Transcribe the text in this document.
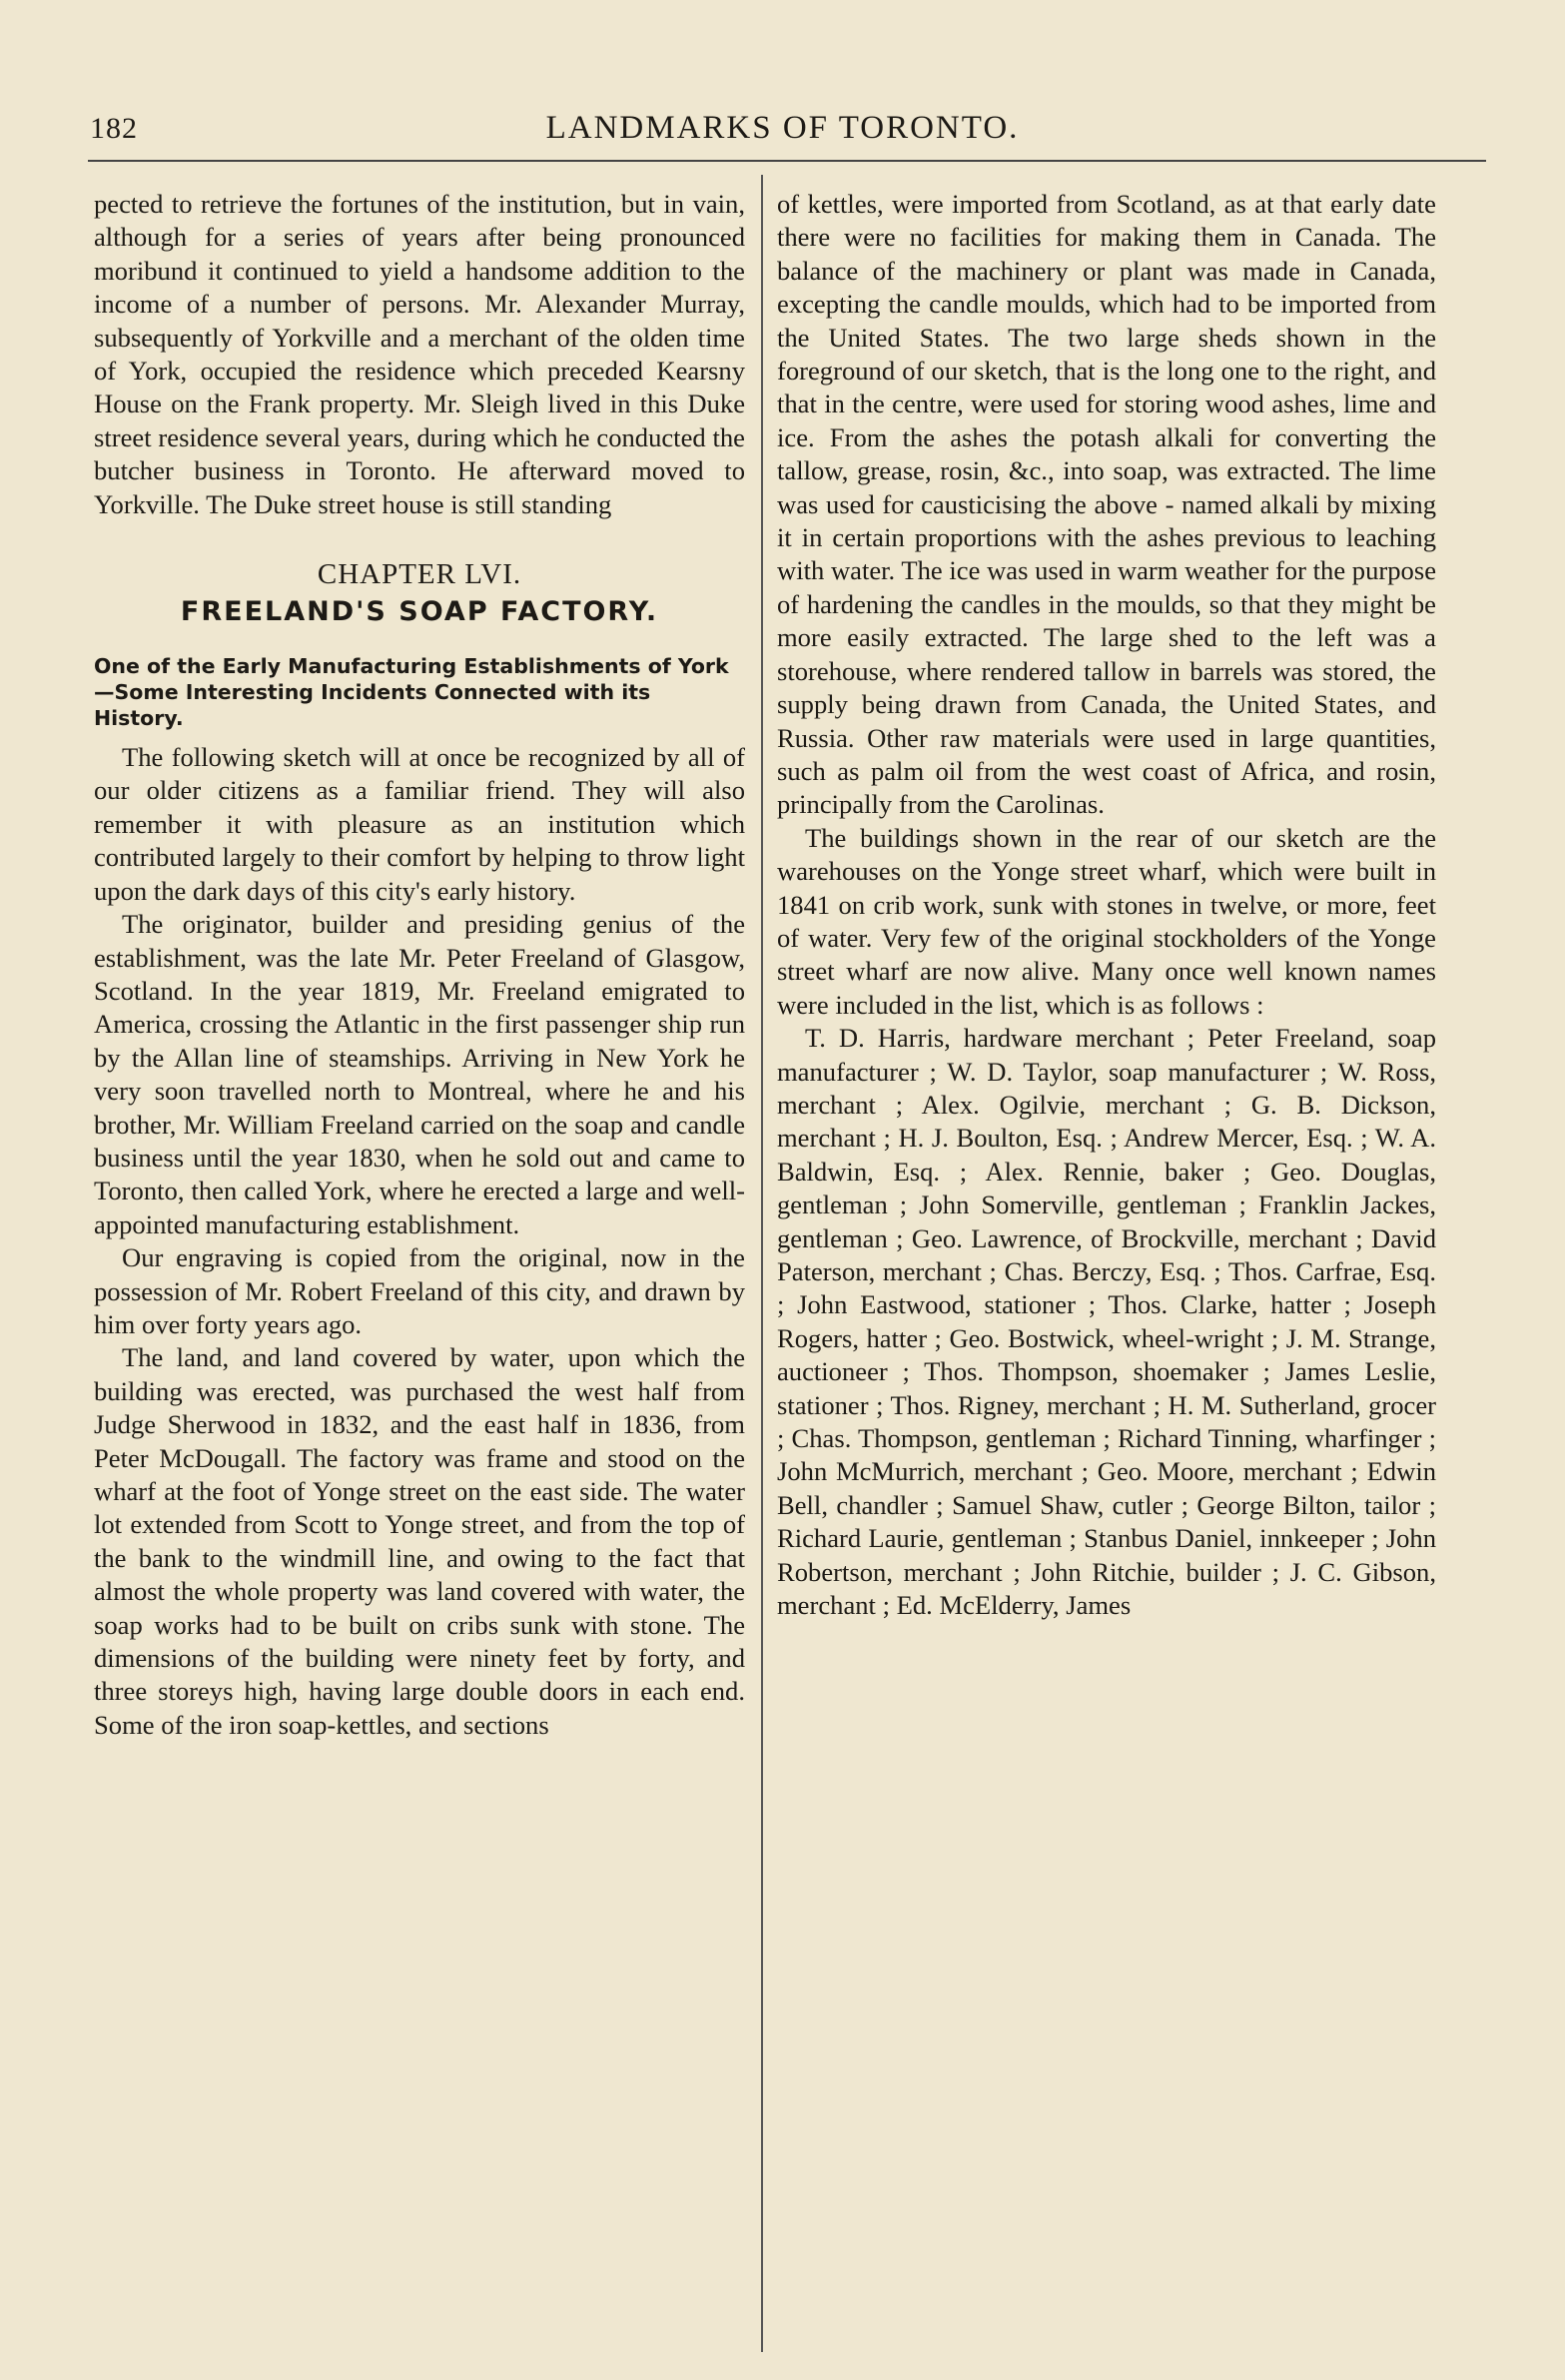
182	LANDMARKS OF TORONTO.

pected to retrieve the fortunes of the institution, but in vain, although for a series of years after being pronounced moribund it continued to yield a handsome addition to the income of a number of persons. Mr. Alexander Murray, subsequently of Yorkville and a merchant of the olden time of York, occupied the residence which preceded Kearsny House on the Frank property. Mr. Sleigh lived in this Duke street residence several years, during which he conducted the butcher business in Toronto. He afterward moved to Yorkville. The Duke street house is still standing

CHAPTER LVI.
FREELAND'S SOAP FACTORY.
One of the Early Manufacturing Establishments of York—Some Interesting Incidents Connected with its History.

The following sketch will at once be recognized by all of our older citizens as a familiar friend. They will also remember it with pleasure as an institution which contributed largely to their comfort by helping to throw light upon the dark days of this city's early history.

The originator, builder and presiding genius of the establishment, was the late Mr. Peter Freeland of Glasgow, Scotland. In the year 1819, Mr. Freeland emigrated to America, crossing the Atlantic in the first passenger ship run by the Allan line of steamships. Arriving in New York he very soon travelled north to Montreal, where he and his brother, Mr. William Freeland carried on the soap and candle business until the year 1830, when he sold out and came to Toronto, then called York, where he erected a large and well-appointed manufacturing establishment.

Our engraving is copied from the original, now in the possession of Mr. Robert Freeland of this city, and drawn by him over forty years ago.

The land, and land covered by water, upon which the building was erected, was purchased the west half from Judge Sherwood in 1832, and the east half in 1836, from Peter McDougall. The factory was frame and stood on the wharf at the foot of Yonge street on the east side. The water lot extended from Scott to Yonge street, and from the top of the bank to the windmill line, and owing to the fact that almost the whole property was land covered with water, the soap works had to be built on cribs sunk with stone. The dimensions of the building were ninety feet by forty, and three storeys high, having large double doors in each end. Some of the iron soap-kettles, and sections

of kettles, were imported from Scotland, as at that early date there were no facilities for making them in Canada. The balance of the machinery or plant was made in Canada, excepting the candle moulds, which had to be imported from the United States. The two large sheds shown in the foreground of our sketch, that is the long one to the right, and that in the centre, were used for storing wood ashes, lime and ice. From the ashes the potash alkali for converting the tallow, grease, rosin, &c., into soap, was extracted. The lime was used for causticising the above - named alkali by mixing it in certain proportions with the ashes previous to leaching with water. The ice was used in warm weather for the purpose of hardening the candles in the moulds, so that they might be more easily extracted. The large shed to the left was a storehouse, where rendered tallow in barrels was stored, the supply being drawn from Canada, the United States, and Russia. Other raw materials were used in large quantities, such as palm oil from the west coast of Africa, and rosin, principally from the Carolinas.

The buildings shown in the rear of our sketch are the warehouses on the Yonge street wharf, which were built in 1841 on crib work, sunk with stones in twelve, or more, feet of water. Very few of the original stockholders of the Yonge street wharf are now alive. Many once well known names were included in the list, which is as follows :

T. D. Harris, hardware merchant ; Peter Freeland, soap manufacturer ; W. D. Taylor, soap manufacturer ; W. Ross, merchant ; Alex. Ogilvie, merchant ; G. B. Dickson, merchant ; H. J. Boulton, Esq. ; Andrew Mercer, Esq. ; W. A. Baldwin, Esq. ; Alex. Rennie, baker ; Geo. Douglas, gentleman ; John Somerville, gentleman ; Franklin Jackes, gentleman ; Geo. Lawrence, of Brockville, merchant ; David Paterson, merchant ; Chas. Berczy, Esq. ; Thos. Carfrae, Esq. ; John Eastwood, stationer ; Thos. Clarke, hatter ; Joseph Rogers, hatter ; Geo. Bostwick, wheel-wright ; J. M. Strange, auctioneer ; Thos. Thompson, shoemaker ; James Leslie, stationer ; Thos. Rigney, merchant ; H. M. Sutherland, grocer ; Chas. Thompson, gentleman ; Richard Tinning, wharfinger ; John McMurrich, merchant ; Geo. Moore, merchant ; Edwin Bell, chandler ; Samuel Shaw, cutler ; George Bilton, tailor ; Richard Laurie, gentleman ; Stanbus Daniel, innkeeper ; John Robertson, merchant ; John Ritchie, builder ; J. C. Gibson, merchant ; Ed. McElderry, James
